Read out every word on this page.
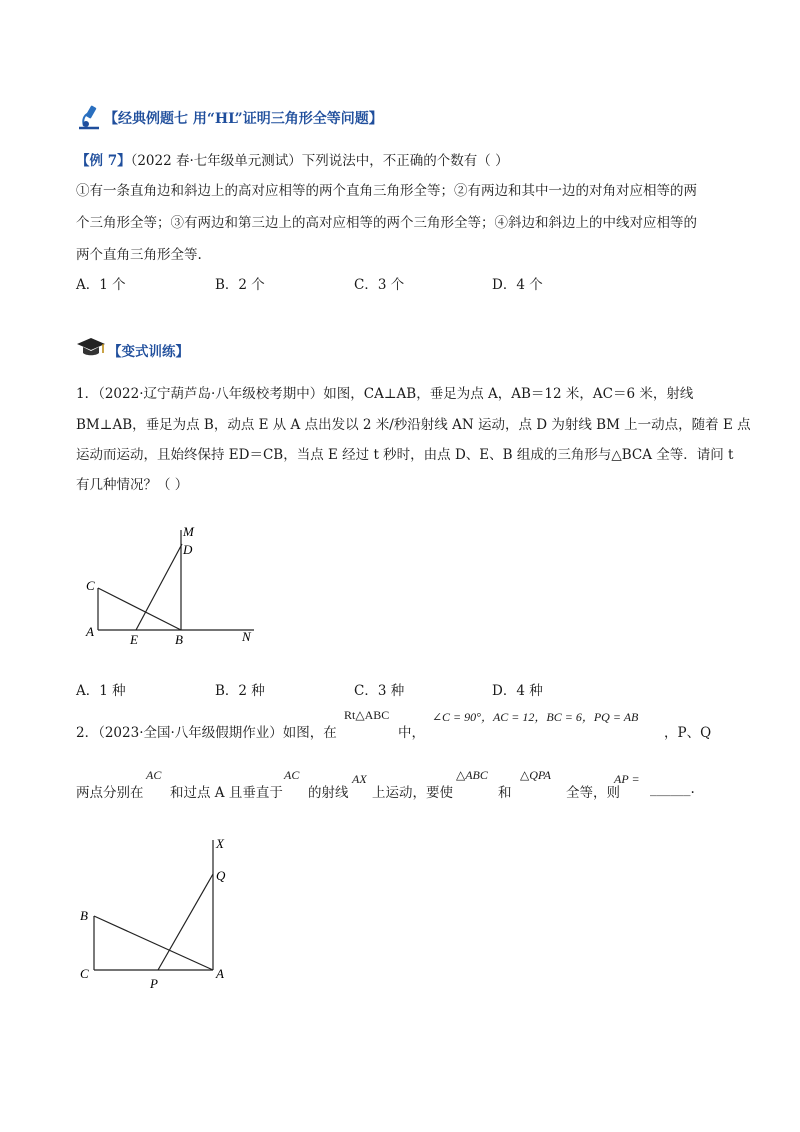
【经典例题七 用“HL”证明三角形全等问题】
【例 7】（2022 春·七年级单元测试）下列说法中，不正确的个数有（ ）
①有一条直角边和斜边上的高对应相等的两个直角三角形全等；②有两边和其中一边的对角对应相等的两
个三角形全等；③有两边和第三边上的高对应相等的两个三角形全等；④斜边和斜边上的中线对应相等的
两个直角三角形全等.
A．1 个	B．2 个	C．3 个	D．4 个
【变式训练】
1．（2022·辽宁葫芦岛·八年级校考期中）如图，CA⊥AB，垂足为点 A，AB＝12 米，AC＝6 米，射线
BM⊥AB，垂足为点 B，动点 E 从 A 点出发以 2 米/秒沿射线 AN 运动，点 D 为射线 BM 上一动点，随着 E 点
运动而运动，且始终保持 ED＝CB，当点 E 经过 t 秒时，由点 D、E、B 组成的三角形与△BCA 全等．请问 t
有几种情况？（ ）
M
D
C
A
E	B	N
A．1 种	B．2 种	C．3 种	D．4 种
2．（2023·全国·八年级假期作业）如图，在
Rt△ABC
中，
∠C = 90°，AC = 12，BC = 6，PQ = AB
，P、Q
两点分别在
AC
和过点 A 且垂直于
AC
的射线
AX
上运动，要使
△ABC
和
△QPA
全等，则
AP =
______.
X
Q
B
C
P
A
